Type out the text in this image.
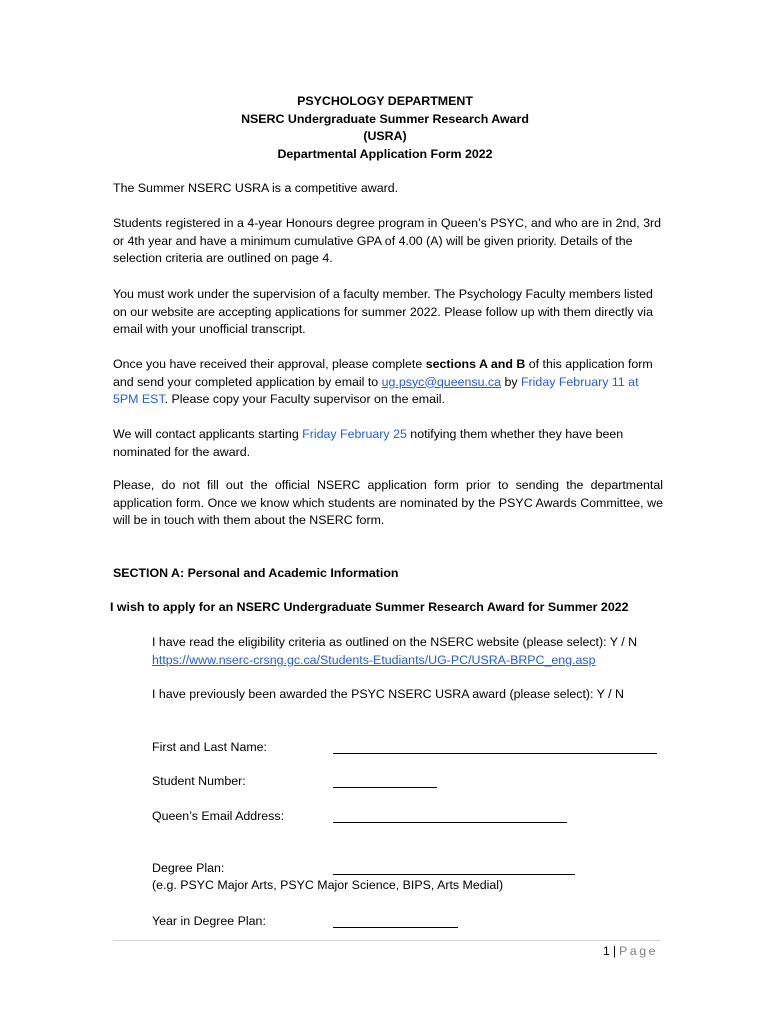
PSYCHOLOGY DEPARTMENT
NSERC Undergraduate Summer Research Award
(USRA)
Departmental Application Form 2022

The Summer NSERC USRA is a competitive award.

Students registered in a 4-year Honours degree program in Queen’s PSYC, and who are in 2nd, 3rd or 4th year and have a minimum cumulative GPA of 4.00 (A) will be given priority. Details of the selection criteria are outlined on page 4.

You must work under the supervision of a faculty member. The Psychology Faculty members listed on our website are accepting applications for summer 2022. Please follow up with them directly via email with your unofficial transcript.

Once you have received their approval, please complete sections A and B of this application form and send your completed application by email to ug.psyc@queensu.ca by Friday February 11 at 5PM EST. Please copy your Faculty supervisor on the email.

We will contact applicants starting Friday February 25 notifying them whether they have been nominated for the award.

Please, do not fill out the official NSERC application form prior to sending the departmental application form. Once we know which students are nominated by the PSYC Awards Committee, we will be in touch with them about the NSERC form.

SECTION A: Personal and Academic Information
I wish to apply for an NSERC Undergraduate Summer Research Award for Summer 2022
I have read the eligibility criteria as outlined on the NSERC website (please select): Y / N
https://www.nserc-crsng.gc.ca/Students-Etudiants/UG-PC/USRA-BRPC_eng.asp
I have previously been awarded the PSYC NSERC USRA award (please select): Y / N
First and Last Name:
Student Number:
Queen’s Email Address:
Degree Plan:
(e.g. PSYC Major Arts, PSYC Major Science, BIPS, Arts Medial)
Year in Degree Plan:
1 | Page
